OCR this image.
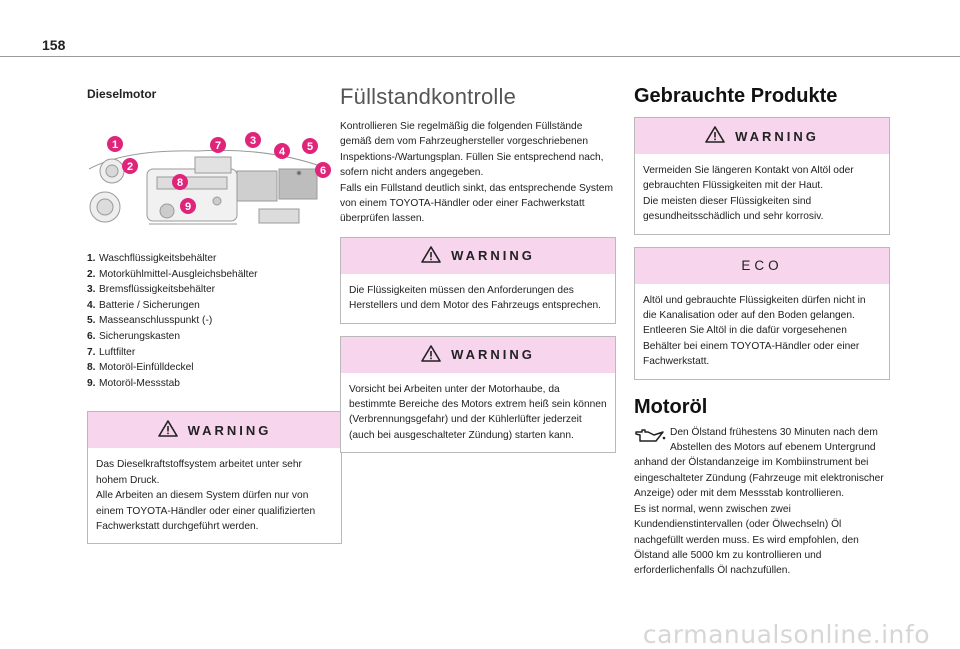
158
Dieselmotor
1
2
3
4 5
6
7
8
9
1. Waschflüssigkeitsbehälter
2. Motorkühlmittel-Ausgleichsbehälter
3. Bremsflüssigkeitsbehälter
4. Batterie / Sicherungen
5. Masseanschlusspunkt (-)
6. Sicherungskasten
7. Luftfilter
8. Motoröl-Einfülldeckel
9. Motoröl-Messstab
WARNING

Das Dieselkraftstoffsystem arbeitet unter sehr hohem Druck.
Alle Arbeiten an diesem System dürfen nur von einem TOYOTA-Händler oder einer qualifizierten Fachwerkstatt durchgeführt werden.

Füllstandkontrolle

Kontrollieren Sie regelmäßig die folgenden Füllstände gemäß dem vom Fahrzeughersteller vorgeschriebenen Inspektions-/Wartungsplan. Füllen Sie entsprechend nach, sofern nicht anders angegeben.
Falls ein Füllstand deutlich sinkt, das entsprechende System von einem TOYOTA-Händler oder einer Fachwerkstatt überprüfen lassen.

WARNING

Die Flüssigkeiten müssen den Anforderungen des Herstellers und dem Motor des Fahrzeugs entsprechen.

WARNING

Vorsicht bei Arbeiten unter der Motorhaube, da bestimmte Bereiche des Motors extrem heiß sein können (Verbrennungsgefahr) und der Kühlerlüfter jederzeit (auch bei ausgeschalteter Zündung) starten kann.

Gebrauchte Produkte
WARNING

Vermeiden Sie längeren Kontakt von Altöl oder gebrauchten Flüssigkeiten mit der Haut.
Die meisten dieser Flüssigkeiten sind gesundheitsschädlich und sehr korrosiv.

ECO

Altöl und gebrauchte Flüssigkeiten dürfen nicht in die Kanalisation oder auf den Boden gelangen.
Entleeren Sie Altöl in die dafür vorgesehenen Behälter bei einem TOYOTA-Händler oder einer Fachwerkstatt.

Motoröl

Den Ölstand frühestens 30 Minuten nach dem Abstellen des Motors auf ebenem Untergrund

anhand der Ölstandanzeige im Kombiinstrument bei eingeschalteter Zündung (Fahrzeuge mit elektronischer Anzeige) oder mit dem Messstab kontrollieren.
Es ist normal, wenn zwischen zwei Kundendienstintervallen (oder Ölwechseln) Öl nachgefüllt werden muss. Es wird empfohlen, den Ölstand alle 5000 km zu kontrollieren und erforderlichenfalls Öl nachzufüllen.

carmanualsonline.info
